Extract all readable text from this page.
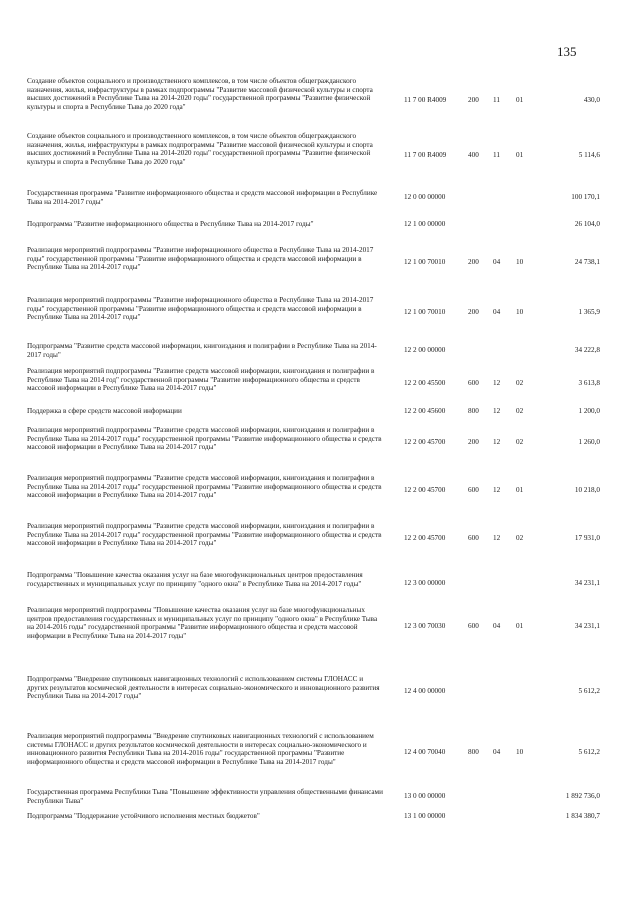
135
Создание объектов социального и производственного комплексов, в том числе объектов общегражданского назначения, жилья, инфраструктуры в рамках подпрограммы "Развитие массовой физической культуры и спорта высших достижений в Республике Тыва на 2014-2020 годы" государственной программы "Развитие физической культуры и спорта в Республике Тыва до 2020 года"
11 7 00 R4009	200 11 01	430,0
Создание объектов социального и производственного комплексов, в том числе объектов общегражданского назначения, жилья, инфраструктуры в рамках подпрограммы "Развитие массовой физической культуры и спорта высших достижений в Республике Тыва на 2014-2020 годы" государственной программы "Развитие физической культуры и спорта в Республике Тыва до 2020 года"
11 7 00 R4009	400 11 01	5 114,6
Государственная программа "Развитие информационного общества и средств массовой информации в Республике Тыва на 2014-2017 годы"
12 0 00 00000	100 170,1
Подпрограмма "Развитие информационного общества в Республике Тыва на 2014-2017 годы"	12 1 00 00000	26 104,0
Реализация мероприятий подпрограммы "Развитие информационного общества в Республике Тыва на 2014-2017 годы" государственной программы "Развитие информационного общества и средств массовой информации в Республике Тыва на 2014-2017 годы"
12 1 00 70010	200 04 10	24 738,1
Реализация мероприятий подпрограммы "Развитие информационного общества в Республике Тыва на 2014-2017 годы" государственной программы "Развитие информационного общества и средств массовой информации в Республике Тыва на 2014-2017 годы"
12 1 00 70010	200 04 10	1 365,9
Подпрограмма "Развитие средств массовой информации, книгоиздания и полиграфии в Республике Тыва на 2014-2017 годы"
12 2 00 00000	34 222,8
Реализация мероприятий подпрограммы "Развитие средств массовой информации, книгоиздания и полиграфии в Республике Тыва на 2014 год" государственной программы "Развитие информационного общества и средств массовой информации в Республике Тыва на 2014-2017 годы"
12 2 00 45500	600 12 02	3 613,8
Поддержка в сфере средств массовой информации	12 2 00 45600	800 12 02	1 200,0
Реализация мероприятий подпрограммы "Развитие средств массовой информации, книгоиздания и полиграфии в Республике Тыва на 2014-2017 годы" государственной программы "Развитие информационного общества и средств массовой информации в Республике Тыва на 2014-2017 годы"
12 2 00 45700	200 12 02	1 260,0
Реализация мероприятий подпрограммы "Развитие средств массовой информации, книгоиздания и полиграфии в Республике Тыва на 2014-2017 годы" государственной программы "Развитие информационного общества и средств массовой информации в Республике Тыва на 2014-2017 годы"
12 2 00 45700	600 12 01	10 218,0
Реализация мероприятий подпрограммы "Развитие средств массовой информации, книгоиздания и полиграфии в Республике Тыва на 2014-2017 годы" государственной программы "Развитие информационного общества и средств массовой информации в Республике Тыва на 2014-2017 годы"
12 2 00 45700	600 12 02	17 931,0
Подпрограмма "Повышение качества оказания услуг на базе многофункциональных центров предоставления государственных и муниципальных услуг по принципу "одного окна" в Республике Тыва на 2014-2017 годы"	12 3 00 00000	34 231,1
Реализация мероприятий подпрограммы "Повышение качества оказания услуг на базе многофункциональных центров предоставления государственных и муниципальных услуг по принципу "одного окна" в Республике Тыва на 2014-2016 годы" государственной программы "Развитие информационного общества и средств массовой информации в Республике Тыва на 2014-2017 годы"
12 3 00 70030	600 04 01	34 231,1
Подпрограмма "Внедрение спутниковых навигационных технологий с использованием системы ГЛОНАСС и других результатов космической деятельности в интересах социально-экономического и инновационного развития Республики Тыва на 2014-2017 годы"
12 4 00 00000	5 612,2
Реализация мероприятий подпрограммы "Внедрение спутниковых навигационных технологий с использованием системы ГЛОНАСС и других результатов космической деятельности в интересах социально-экономического и инновационного развития Республики Тыва на 2014-2016 годы" государственной программы "Развитие информационного общества и средств массовой информации в Республике Тыва на 2014-2017 годы"
12 4 00 70040	800 04 10	5 612,2
Государственная программа Республики Тыва "Повышение эффективности управления общественными финансами Республики Тыва"
13 0 00 00000	1 892 736,0
Подпрограмма "Поддержание устойчивого исполнения местных бюджетов"	13 1 00 00000	1 834 380,7
